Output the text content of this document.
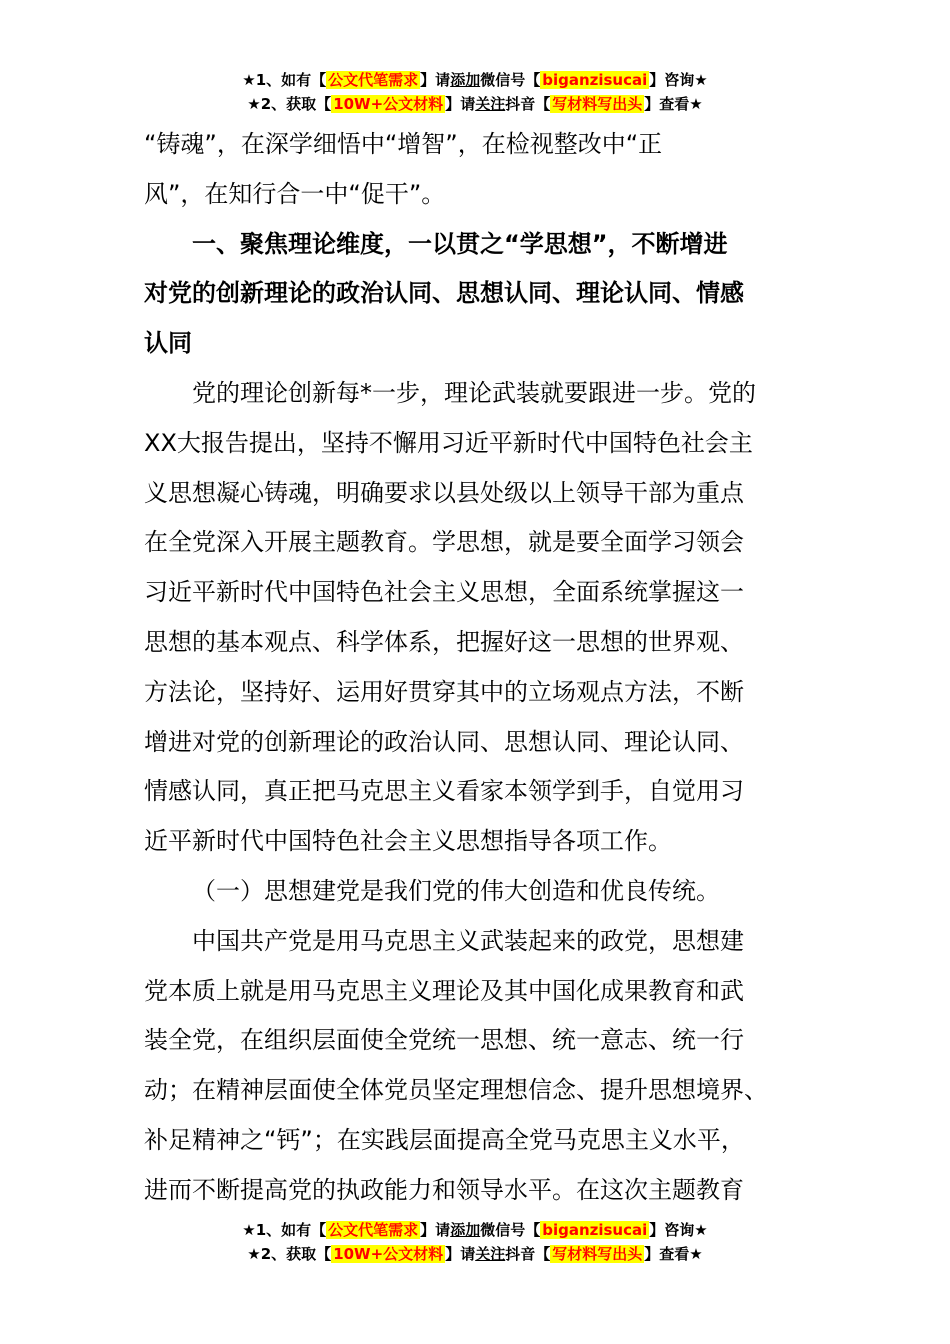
★1、如有【 公文代笔需求 】请添加微信号【 biganzisucai 】咨询★
★2、获取【 10W+公文材料 】请关注抖音【 写材料写出头 】查看★

“铸魂”，在深学细悟中“增智”，在检视整改中“正
风”，在知行合一中“促干”。

一、聚焦理论维度，一以贯之“学思想”，不断增进
对党的创新理论的政治认同、思想认同、理论认同、情感
认同

党的理论创新每*一步，理论武装就要跟进一步。党的
XX大报告提出，坚持不懈用习近平新时代中国特色社会主
义思想凝心铸魂，明确要求以县处级以上领导干部为重点
在全党深入开展主题教育。学思想，就是要全面学习领会
习近平新时代中国特色社会主义思想，全面系统掌握这一
思想的基本观点、科学体系，把握好这一思想的世界观、
方法论，坚持好、运用好贯穿其中的立场观点方法，不断
增进对党的创新理论的政治认同、思想认同、理论认同、
情感认同，真正把马克思主义看家本领学到手，自觉用习
近平新时代中国特色社会主义思想指导各项工作。

（一）思想建党是我们党的伟大创造和优良传统。

中国共产党是用马克思主义武装起来的政党，思想建
党本质上就是用马克思主义理论及其中国化成果教育和武
装全党，在组织层面使全党统一思想、统一意志、统一行
动；在精神层面使全体党员坚定理想信念、提升思想境界、
补足精神之“钙”；在实践层面提高全党马克思主义水平，
进而不断提高党的执政能力和领导水平。在这次主题教育

★1、如有【 公文代笔需求 】请添加微信号【 biganzisucai 】咨询★
★2、获取【 10W+公文材料 】请关注抖音【 写材料写出头 】查看★
